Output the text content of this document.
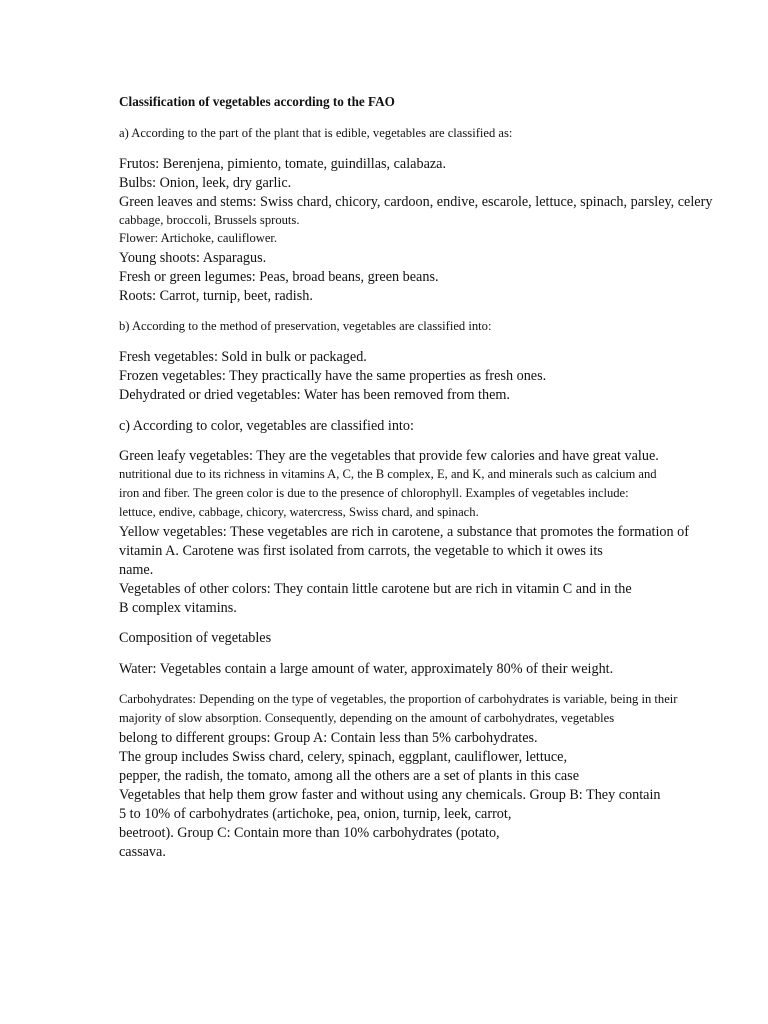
Classification of vegetables according to the FAO
a) According to the part of the plant that is edible, vegetables are classified as:
Frutos: Berenjena, pimiento, tomate, guindillas, calabaza.
Bulbs: Onion, leek, dry garlic.
Green leaves and stems: Swiss chard, chicory, cardoon, endive, escarole, lettuce, spinach, parsley, celery
cabbage, broccoli, Brussels sprouts.
Flower: Artichoke, cauliflower.
Young shoots: Asparagus.
Fresh or green legumes: Peas, broad beans, green beans.
Roots: Carrot, turnip, beet, radish.
b) According to the method of preservation, vegetables are classified into:
Fresh vegetables: Sold in bulk or packaged.
Frozen vegetables: They practically have the same properties as fresh ones.
Dehydrated or dried vegetables: Water has been removed from them.
c) According to color, vegetables are classified into:
Green leafy vegetables: They are the vegetables that provide few calories and have great value.
nutritional due to its richness in vitamins A, C, the B complex, E, and K, and minerals such as calcium and
iron and fiber. The green color is due to the presence of chlorophyll. Examples of vegetables include:
lettuce, endive, cabbage, chicory, watercress, Swiss chard, and spinach.
Yellow vegetables: These vegetables are rich in carotene, a substance that promotes the formation of
vitamin A. Carotene was first isolated from carrots, the vegetable to which it owes its
name.
Vegetables of other colors: They contain little carotene but are rich in vitamin C and in the
B complex vitamins.
Composition of vegetables
Water: Vegetables contain a large amount of water, approximately 80% of their weight.
Carbohydrates: Depending on the type of vegetables, the proportion of carbohydrates is variable, being in their
majority of slow absorption. Consequently, depending on the amount of carbohydrates, vegetables
belong to different groups: Group A: Contain less than 5% carbohydrates.
The group includes Swiss chard, celery, spinach, eggplant, cauliflower, lettuce,
pepper, the radish, the tomato, among all the others are a set of plants in this case
Vegetables that help them grow faster and without using any chemicals. Group B: They contain
5 to 10% of carbohydrates (artichoke, pea, onion, turnip, leek, carrot,
beetroot). Group C: Contain more than 10% carbohydrates (potato,
cassava.
